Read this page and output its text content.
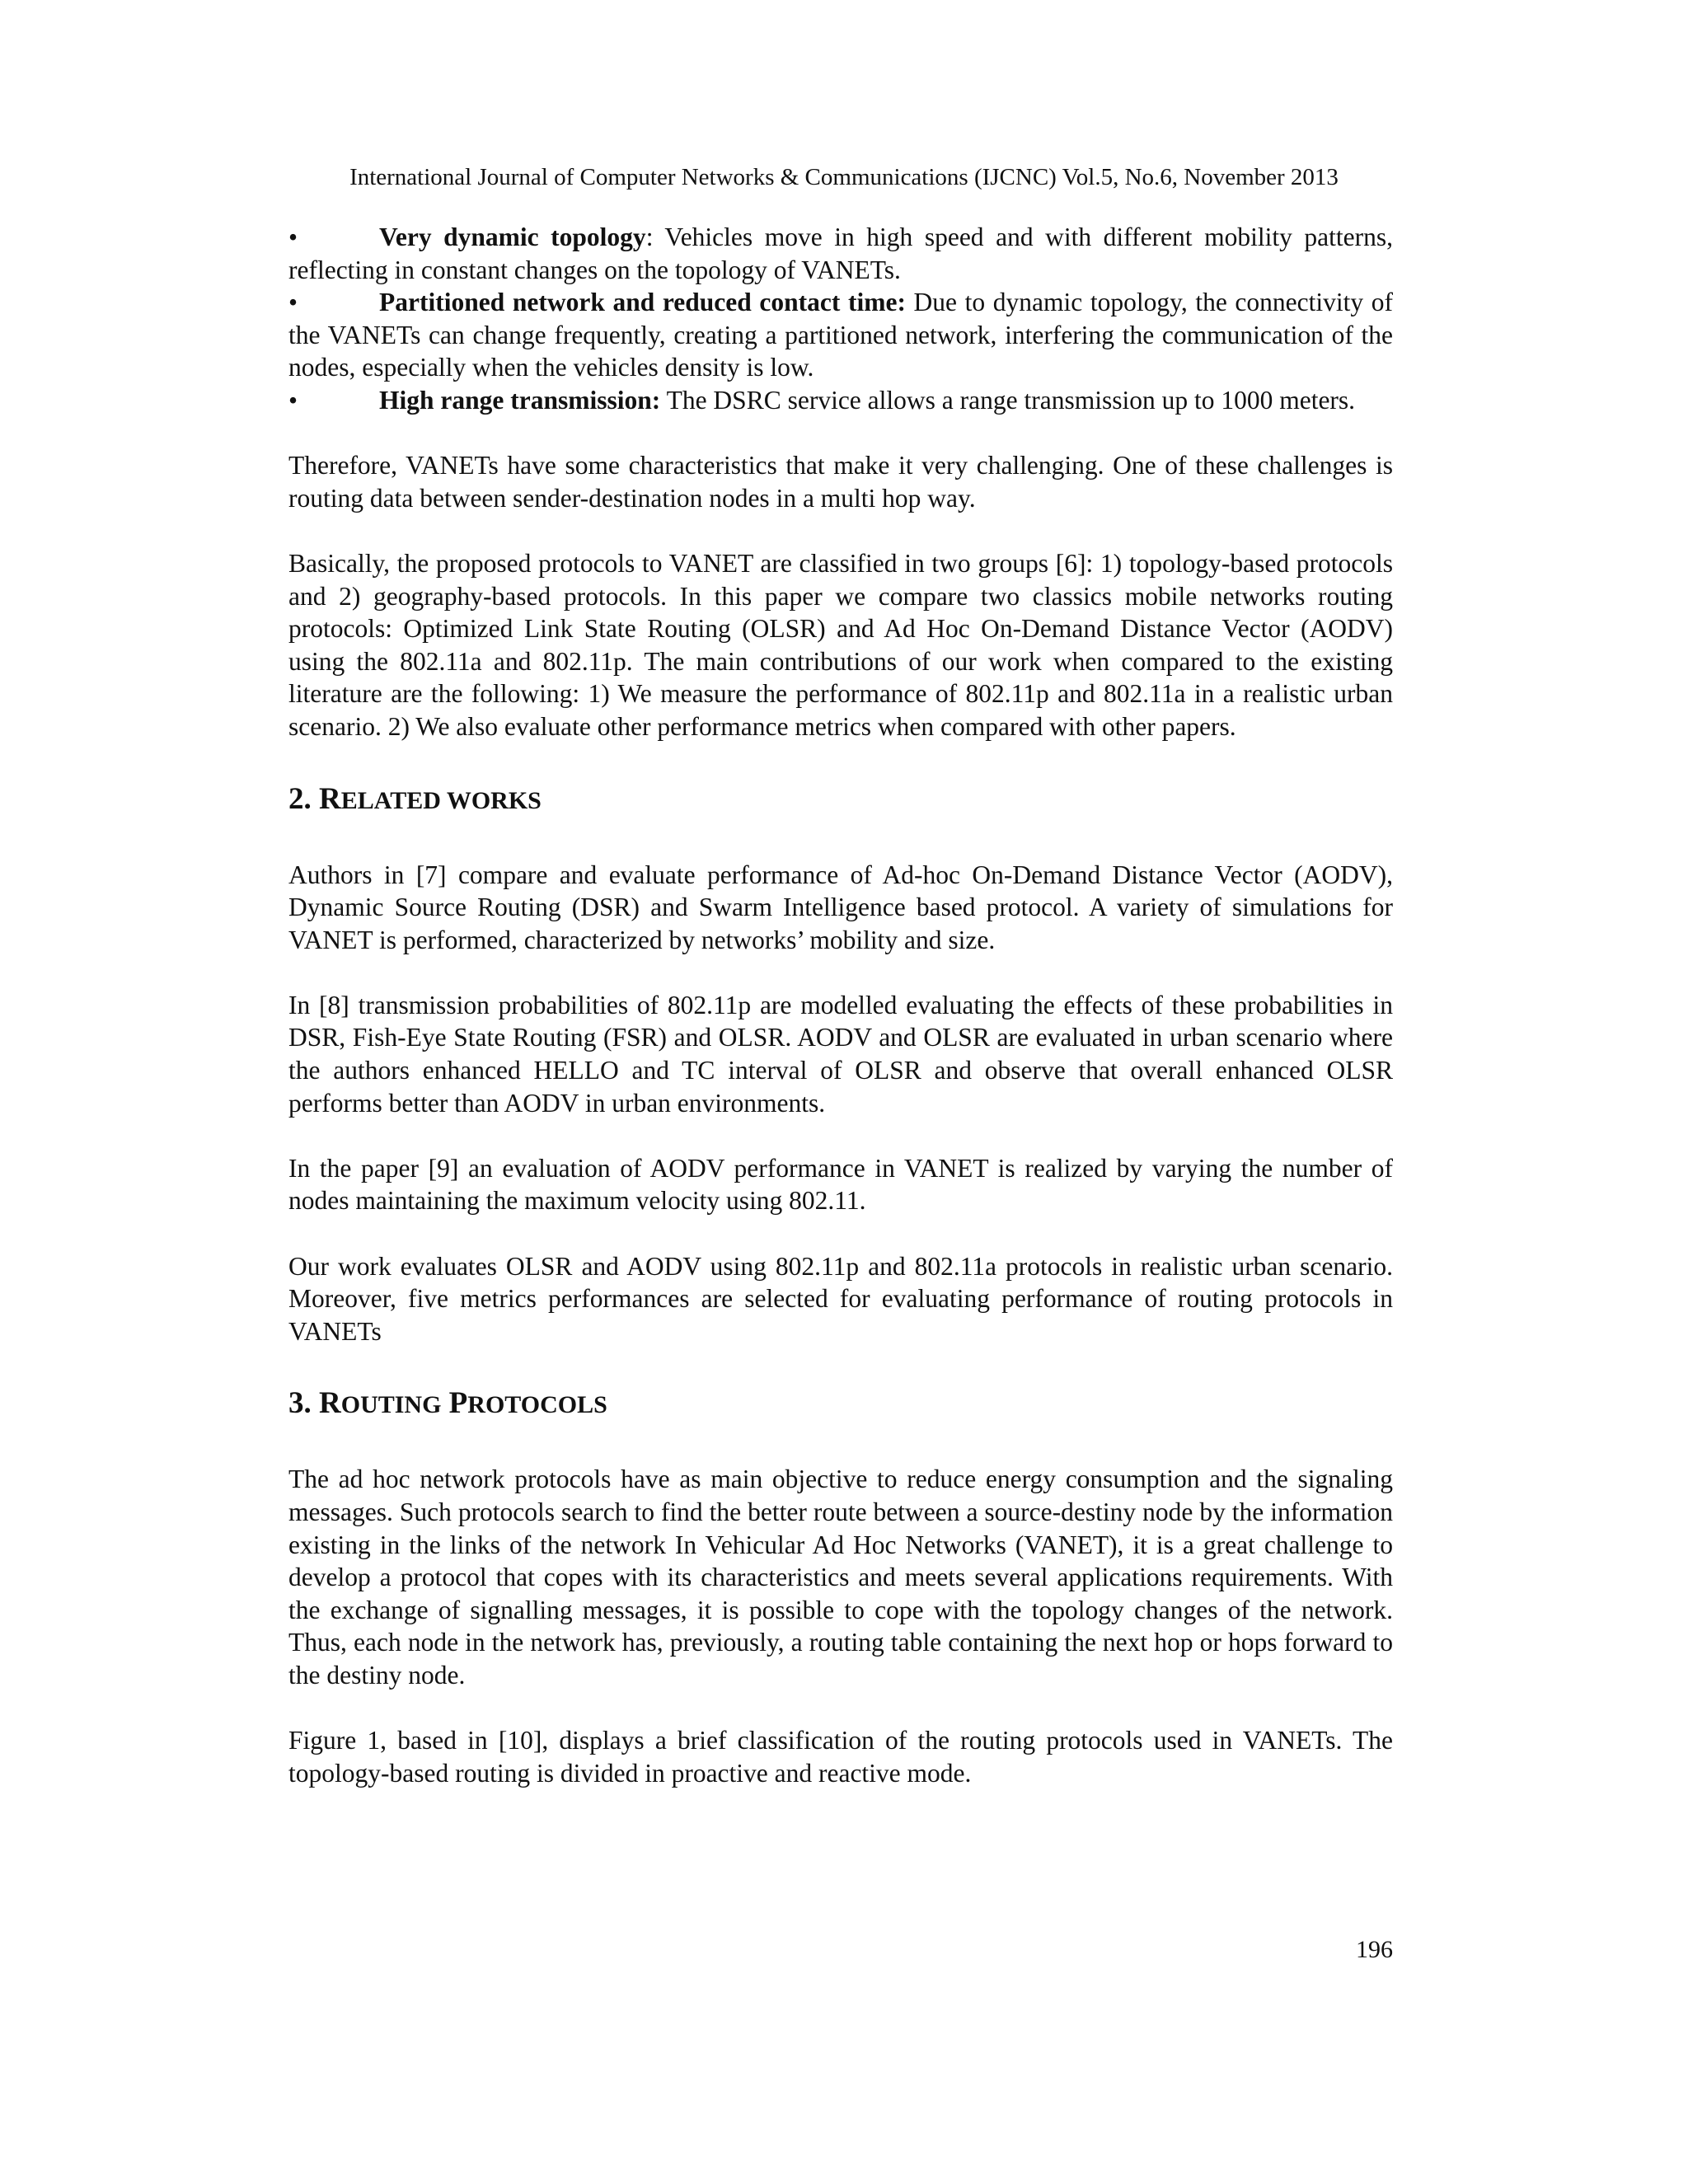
International Journal of Computer Networks & Communications (IJCNC) Vol.5, No.6, November 2013

•	Very dynamic topology: Vehicles move in high speed and with different mobility patterns, reflecting in constant changes on the topology of VANETs.

•	Partitioned network and reduced contact time: Due to dynamic topology, the connectivity of the VANETs can change frequently, creating a partitioned network, interfering the communication of the nodes, especially when the vehicles density is low.

•	High range transmission: The DSRC service allows a range transmission up to 1000 meters.

Therefore, VANETs have some characteristics that make it very challenging. One of these challenges is routing data between sender-destination nodes in a multi hop way.

Basically, the proposed protocols to VANET are classified in two groups [6]: 1) topology-based protocols and 2) geography-based protocols. In this paper we compare two classics mobile networks routing protocols: Optimized Link State Routing (OLSR) and Ad Hoc On-Demand Distance Vector (AODV) using the 802.11a and 802.11p. The main contributions of our work when compared to the existing literature are the following: 1) We measure the performance of 802.11p and 802.11a in a realistic urban scenario. 2) We also evaluate other performance metrics when compared with other papers.

2. RELATED WORKS

Authors in [7] compare and evaluate performance of Ad-hoc On-Demand Distance Vector (AODV), Dynamic Source Routing (DSR) and Swarm Intelligence based protocol. A variety of simulations for VANET is performed, characterized by networks’ mobility and size.

In [8] transmission probabilities of 802.11p are modelled evaluating the effects of these probabilities in DSR, Fish-Eye State Routing (FSR) and OLSR. AODV and OLSR are evaluated in urban scenario where the authors enhanced HELLO and TC interval of OLSR and observe that overall enhanced OLSR performs better than AODV in urban environments.

In the paper [9] an evaluation of AODV performance in VANET is realized by varying the number of nodes maintaining the maximum velocity using 802.11.

Our work evaluates OLSR and AODV using 802.11p and 802.11a protocols in realistic urban scenario. Moreover, five metrics performances are selected for evaluating performance of routing protocols in VANETs

3. ROUTING PROTOCOLS

The ad hoc network protocols have as main objective to reduce energy consumption and the signaling messages. Such protocols search to find the better route between a source-destiny node by the information existing in the links of the network In Vehicular Ad Hoc Networks (VANET), it is a great challenge to develop a protocol that copes with its characteristics and meets several applications requirements. With the exchange of signalling messages, it is possible to cope with the topology changes of the network. Thus, each node in the network has, previously, a routing table containing the next hop or hops forward to the destiny node.

Figure 1, based in [10], displays a brief classification of the routing protocols used in VANETs. The topology-based routing is divided in proactive and reactive mode.

196
